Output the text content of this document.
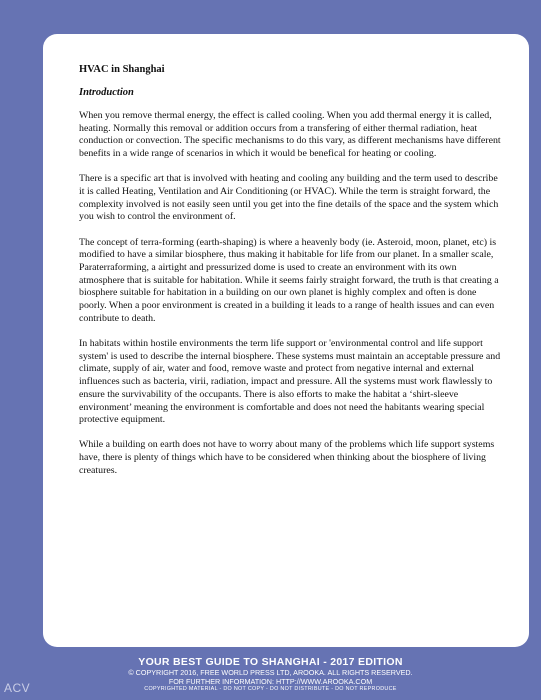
HVAC in Shanghai
Introduction

When you remove thermal energy, the effect is called cooling. When you add thermal energy it is called, heating. Normally this removal or addition occurs from a transfering of either thermal radiation, heat conduction or convection. The specific mechanisms to do this vary, as different mechanisms have different benefits in a wide range of scenarios in which it would be benefical for heating or cooling.

There is a specific art that is involved with heating and cooling any building and the term used to describe it is called Heating, Ventilation and Air Conditioning (or HVAC). While the term is straight forward, the complexity involved is not easily seen until you get into the fine details of the space and the system which you wish to control the environment of.

The concept of terra-forming (earth-shaping) is where a heavenly body (ie. Asteroid, moon, planet, etc) is modified to have a similar biosphere, thus making it habitable for life from our planet. In a smaller scale, Paraterraforming, a airtight and pressurized dome is used to create an environment with its own atmosphere that is suitable for habitation. While it seems fairly straight forward, the truth is that creating a biosphere suitable for habitation in a building on our own planet is highly complex and often is done poorly. When a poor environment is created in a building it leads to a range of health issues and can even contribute to death.

In habitats within hostile environments the term life support or 'environmental control and life support system' is used to describe the internal biosphere. These systems must maintain an acceptable pressure and climate, supply of air, water and food, remove waste and protect from negative internal and external influences such as bacteria, virii, radiation, impact and pressure. All the systems must work flawlessly to ensure the survivability of the occupants. There is also efforts to make the habitat a ‘shirt-sleeve environment’ meaning the environment is comfortable and does not need the habitants wearing special protective equipment.

While a building on earth does not have to worry about many of the problems which life support systems have, there is plenty of things which have to be considered when thinking about the biosphere of living creatures.

YOUR BEST GUIDE TO SHANGHAI - 2017 EDITION
© COPYRIGHT 2016, FREE WORLD PRESS LTD, AROOKA. ALL RIGHTS RESERVED.
FOR FURTHER INFORMATION: HTTP://WWW.AROOKA.COM
COPYRIGHTED MATERIAL - DO NOT COPY - DO NOT DISTRIBUTE - DO NOT REPRODUCE
ACV
